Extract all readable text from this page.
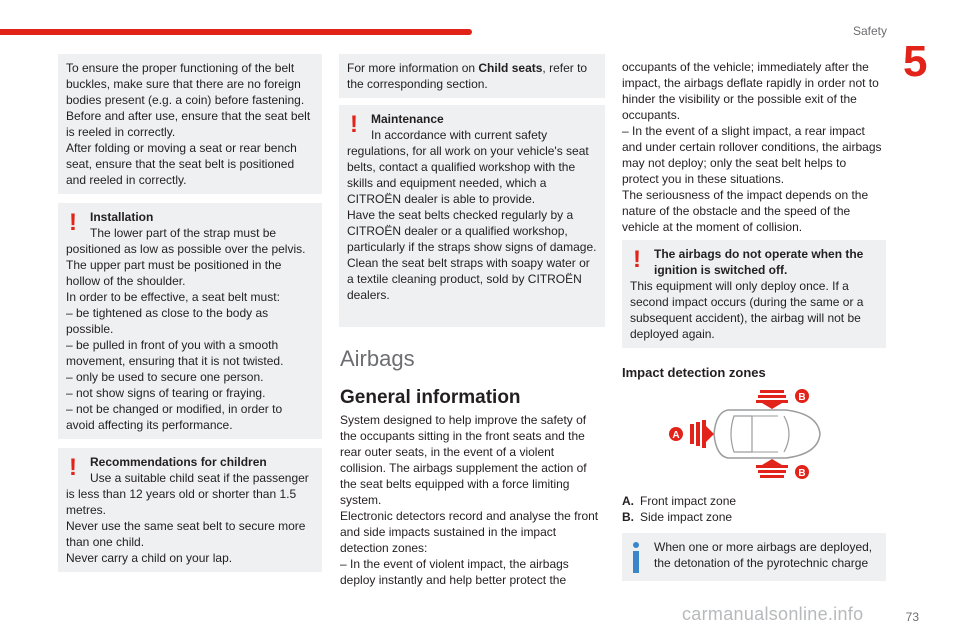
Safety
5

To ensure the proper functioning of the belt buckles, make sure that there are no foreign bodies present (e.g. a coin) before fastening.

Before and after use, ensure that the seat belt is reeled in correctly.

After folding or moving a seat or rear bench seat, ensure that the seat belt is positioned and reeled in correctly.

!	Installation

The lower part of the strap must be positioned as low as possible over the pelvis.

The upper part must be positioned in the hollow of the shoulder.

In order to be effective, a seat belt must:

– be tightened as close to the body as possible.

– be pulled in front of you with a smooth movement, ensuring that it is not twisted.

– only be used to secure one person.

– not show signs of tearing or fraying.

– not be changed or modified, in order to avoid affecting its performance.

!	Recommendations for children

Use a suitable child seat if the passenger is less than 12 years old or shorter than 1.5 metres.

Never use the same seat belt to secure more than one child.

Never carry a child on your lap.

For more information on Child seats, refer to the corresponding section.

!	Maintenance

In accordance with current safety regulations, for all work on your vehicle's seat belts, contact a qualified workshop with the skills and equipment needed, which a CITROËN dealer is able to provide.

Have the seat belts checked regularly by a CITROËN dealer or a qualified workshop, particularly if the straps show signs of damage.

Clean the seat belt straps with soapy water or a textile cleaning product, sold by CITROËN dealers.

Airbags
General information

System designed to help improve the safety of the occupants sitting in the front seats and the rear outer seats, in the event of a violent collision. The airbags supplement the action of the seat belts equipped with a force limiting system.

Electronic detectors record and analyse the front and side impacts sustained in the impact detection zones:

– In the event of violent impact, the airbags deploy instantly and help better protect the

occupants of the vehicle; immediately after the impact, the airbags deflate rapidly in order not to hinder the visibility or the possible exit of the occupants.

– In the event of a slight impact, a rear impact and under certain rollover conditions, the airbags may not deploy; only the seat belt helps to protect you in these situations.

The seriousness of the impact depends on the nature of the obstacle and the speed of the vehicle at the moment of collision.

!	The airbags do not operate when the ignition is switched off.

This equipment will only deploy once. If a second impact occurs (during the same or a subsequent accident), the airbag will not be deployed again.

Impact detection zones
A
B
B
A. Front impact zone
B. Side impact zone

When one or more airbags are deployed, the detonation of the pyrotechnic charge

carmanualsonline.info	73
